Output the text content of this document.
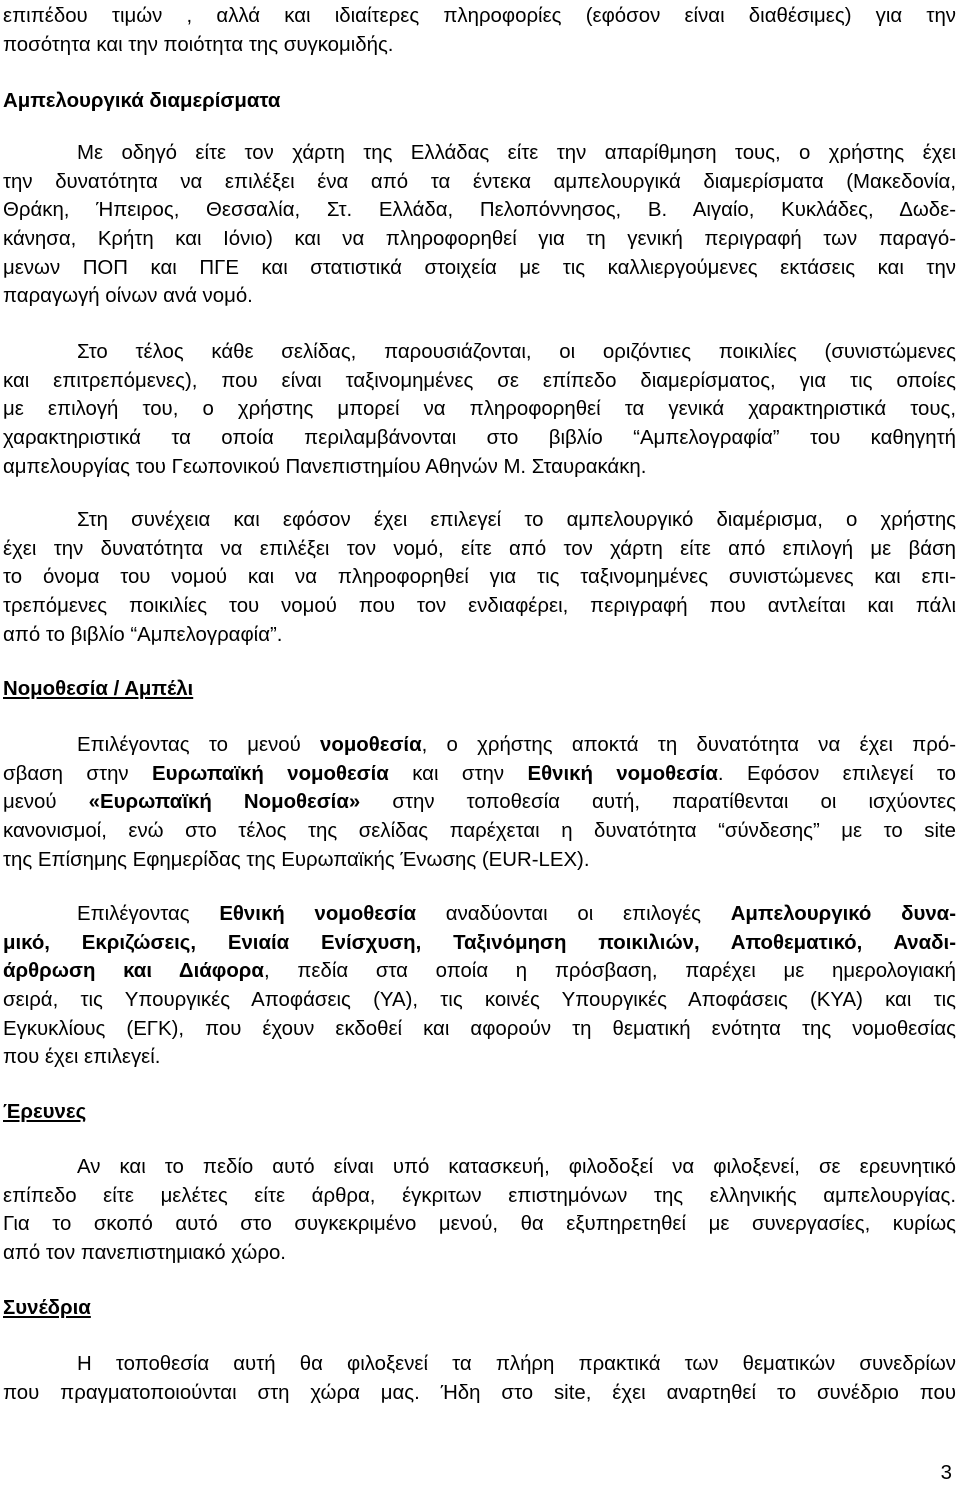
επιπέδου τιμών , αλλά και ιδιαίτερες πληροφορίες (εφόσον είναι διαθέσιμες) για την
ποσότητα και την ποιότητα της συγκομιδής.
Αμπελουργικά διαμερίσματα
Με οδηγό είτε τον χάρτη της Ελλάδας είτε την απαρίθμηση τους, ο χρήστης έχει
την δυνατότητα να επιλέξει ένα από τα έντεκα αμπελουργικά διαμερίσματα (Μακεδονία,
Θράκη, Ήπειρος, Θεσσαλία, Στ. Ελλάδα, Πελοπόννησος, Β. Αιγαίο, Κυκλάδες, Δωδε-
κάνησα, Κρήτη και Ιόνιο) και να πληροφορηθεί για τη γενική περιγραφή των παραγό-
μενων ΠΟΠ και ΠΓΕ και στατιστικά στοιχεία με τις καλλιεργούμενες εκτάσεις και την
παραγωγή οίνων ανά νομό.
Στο τέλος κάθε σελίδας, παρουσιάζονται, οι οριζόντιες ποικιλίες (συνιστώμενες
και επιτρεπόμενες), που είναι ταξινομημένες σε επίπεδο διαμερίσματος, για τις οποίες
με επιλογή του, ο χρήστης μπορεί να πληροφορηθεί τα γενικά χαρακτηριστικά τους,
χαρακτηριστικά τα οποία περιλαμβάνονται στο βιβλίο “Αμπελογραφία” του καθηγητή
αμπελουργίας του Γεωπονικού Πανεπιστημίου Αθηνών Μ. Σταυρακάκη.
Στη συνέχεια και εφόσον έχει επιλεγεί το αμπελουργικό διαμέρισμα, ο χρήστης
έχει την δυνατότητα να επιλέξει τον νομό, είτε από τον χάρτη είτε από επιλογή με βάση
το όνομα του νομού και να πληροφορηθεί για τις ταξινομημένες συνιστώμενες και επι-
τρεπόμενες ποικιλίες του νομού που τον ενδιαφέρει, περιγραφή που αντλείται και πάλι
από το βιβλίο “Αμπελογραφία”.
Νομοθεσία / Αμπέλι
Επιλέγοντας το μενού νομοθεσία, ο χρήστης αποκτά τη δυνατότητα να έχει πρό-
σβαση στην Ευρωπαϊκή νομοθεσία και στην Εθνική νομοθεσία. Εφόσον επιλεγεί το
μενού «Ευρωπαϊκή Νομοθεσία» στην τοποθεσία αυτή, παρατίθενται οι ισχύοντες
κανονισμοί, ενώ στο τέλος της σελίδας παρέχεται η δυνατότητα “σύνδεσης” με το site
της Επίσημης Εφημερίδας της Ευρωπαϊκής Ένωσης (EUR-LEX).
Επιλέγοντας Εθνική νομοθεσία αναδύονται οι επιλογές Αμπελουργικό δυνα-
μικό, Εκριζώσεις, Ενιαία Ενίσχυση, Ταξινόμηση ποικιλιών, Αποθεματικό, Αναδι-
άρθρωση και Διάφορα, πεδία στα οποία η πρόσβαση, παρέχει με ημερολογιακή
σειρά, τις Υπουργικές Αποφάσεις (ΥΑ), τις κοινές Υπουργικές Αποφάσεις (ΚΥΑ) και τις
Εγκυκλίους (ΕΓΚ), που έχουν εκδοθεί και αφορούν τη θεματική ενότητα της νομοθεσίας
που έχει επιλεγεί.
Έρευνες
Αν και το πεδίο αυτό είναι υπό κατασκευή, φιλοδοξεί να φιλοξενεί, σε ερευνητικό
επίπεδο είτε μελέτες είτε άρθρα, έγκριτων επιστημόνων της ελληνικής αμπελουργίας.
Για το σκοπό αυτό στο συγκεκριμένο μενού, θα εξυπηρετηθεί με συνεργασίες, κυρίως
από τον πανεπιστημιακό χώρο.
Συνέδρια
Η τοποθεσία αυτή θα φιλοξενεί τα πλήρη πρακτικά των θεματικών συνεδρίων
που πραγματοποιούνται στη χώρα μας. Ήδη στο site, έχει αναρτηθεί το συνέδριο που
3
